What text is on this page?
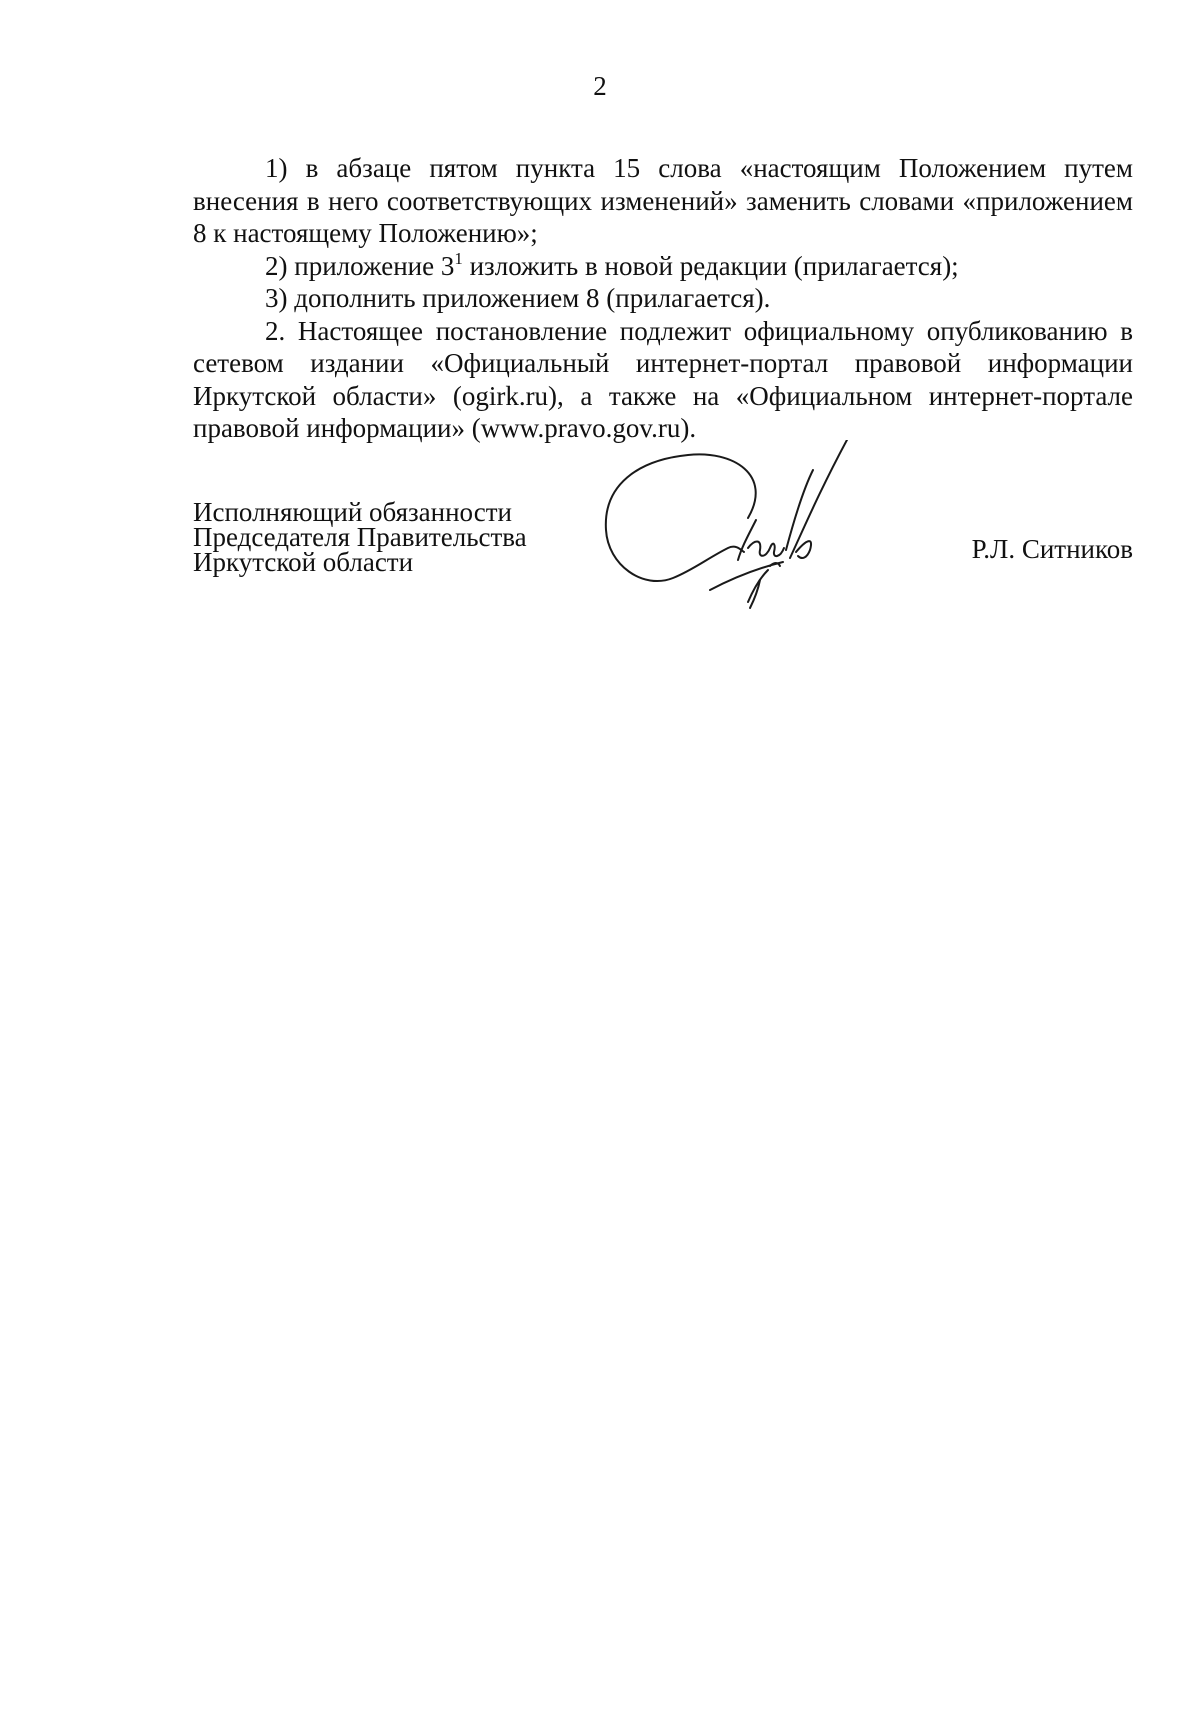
2

1) в абзаце пятом пункта 15 слова «настоящим Положением путем внесения в него соответствующих изменений» заменить словами «приложением 8 к настоящему Положению»;

2) приложение $3^1$ изложить в новой редакции (прилагается);

3) дополнить приложением 8 (прилагается).

2. Настоящее постановление подлежит официальному опубликованию в сетевом издании «Официальный интернет-портал правовой информации Иркутской области» (ogirk.ru), а также на «Официальном интернет-портале правовой информации» (www.pravo.gov.ru).

Исполняющий обязанности
Председателя Правительства
Иркутской области	Р.Л. Ситников
